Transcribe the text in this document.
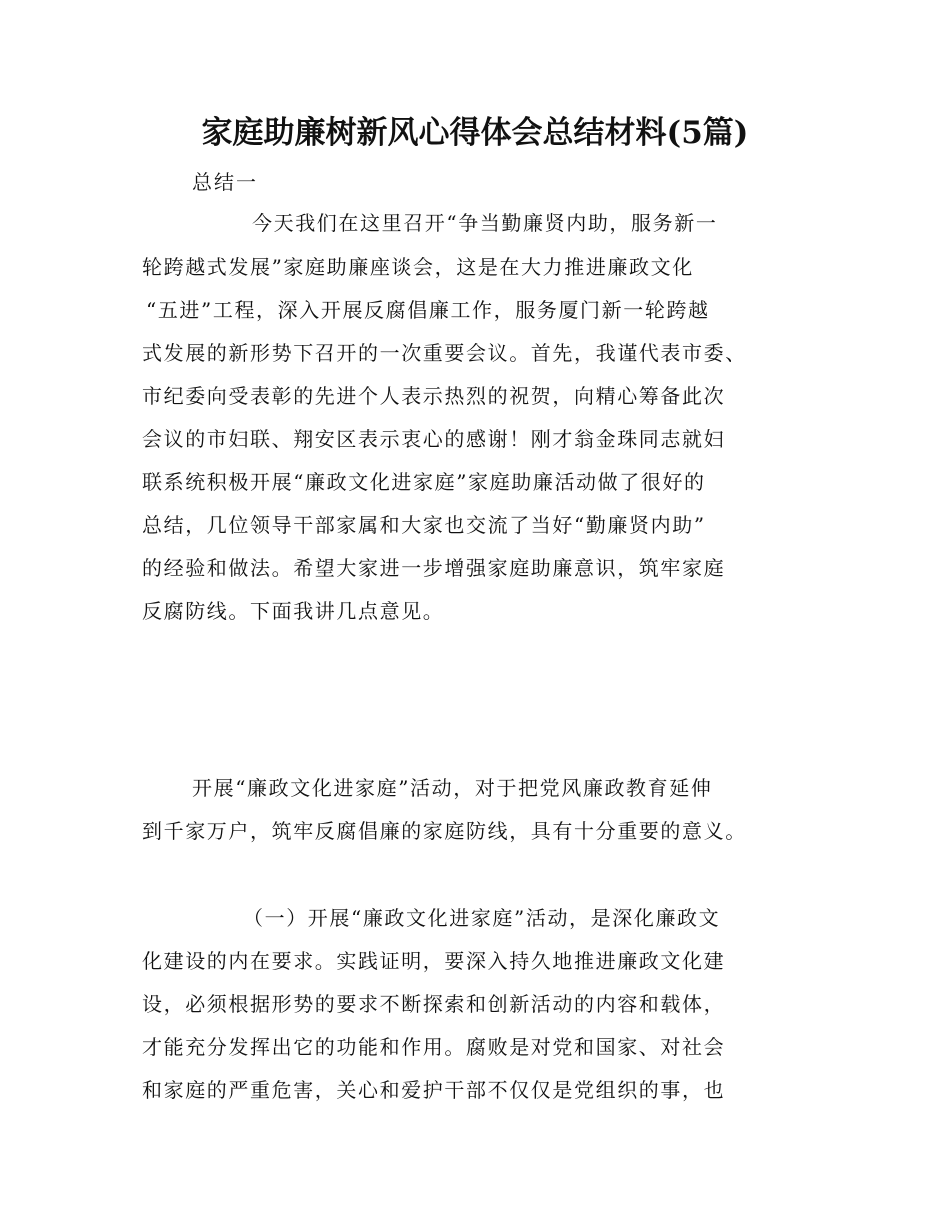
家庭助廉树新风心得体会总结材料(5篇)
总结一
今天我们在这里召开“争当勤廉贤内助，服务新一
轮跨越式发展”家庭助廉座谈会，这是在大力推进廉政文化
“五进”工程，深入开展反腐倡廉工作，服务厦门新一轮跨越
式发展的新形势下召开的一次重要会议。首先，我谨代表市委、
市纪委向受表彰的先进个人表示热烈的祝贺，向精心筹备此次
会议的市妇联、翔安区表示衷心的感谢！刚才翁金珠同志就妇
联系统积极开展“廉政文化进家庭”家庭助廉活动做了很好的
总结，几位领导干部家属和大家也交流了当好“勤廉贤内助”
的经验和做法。希望大家进一步增强家庭助廉意识，筑牢家庭
反腐防线。下面我讲几点意见。
开展“廉政文化进家庭”活动，对于把党风廉政教育延伸
到千家万户，筑牢反腐倡廉的家庭防线，具有十分重要的意义。
（一）开展“廉政文化进家庭”活动，是深化廉政文
化建设的内在要求。实践证明，要深入持久地推进廉政文化建
设，必须根据形势的要求不断探索和创新活动的内容和载体，
才能充分发挥出它的功能和作用。腐败是对党和国家、对社会
和家庭的严重危害，关心和爱护干部不仅仅是党组织的事，也
